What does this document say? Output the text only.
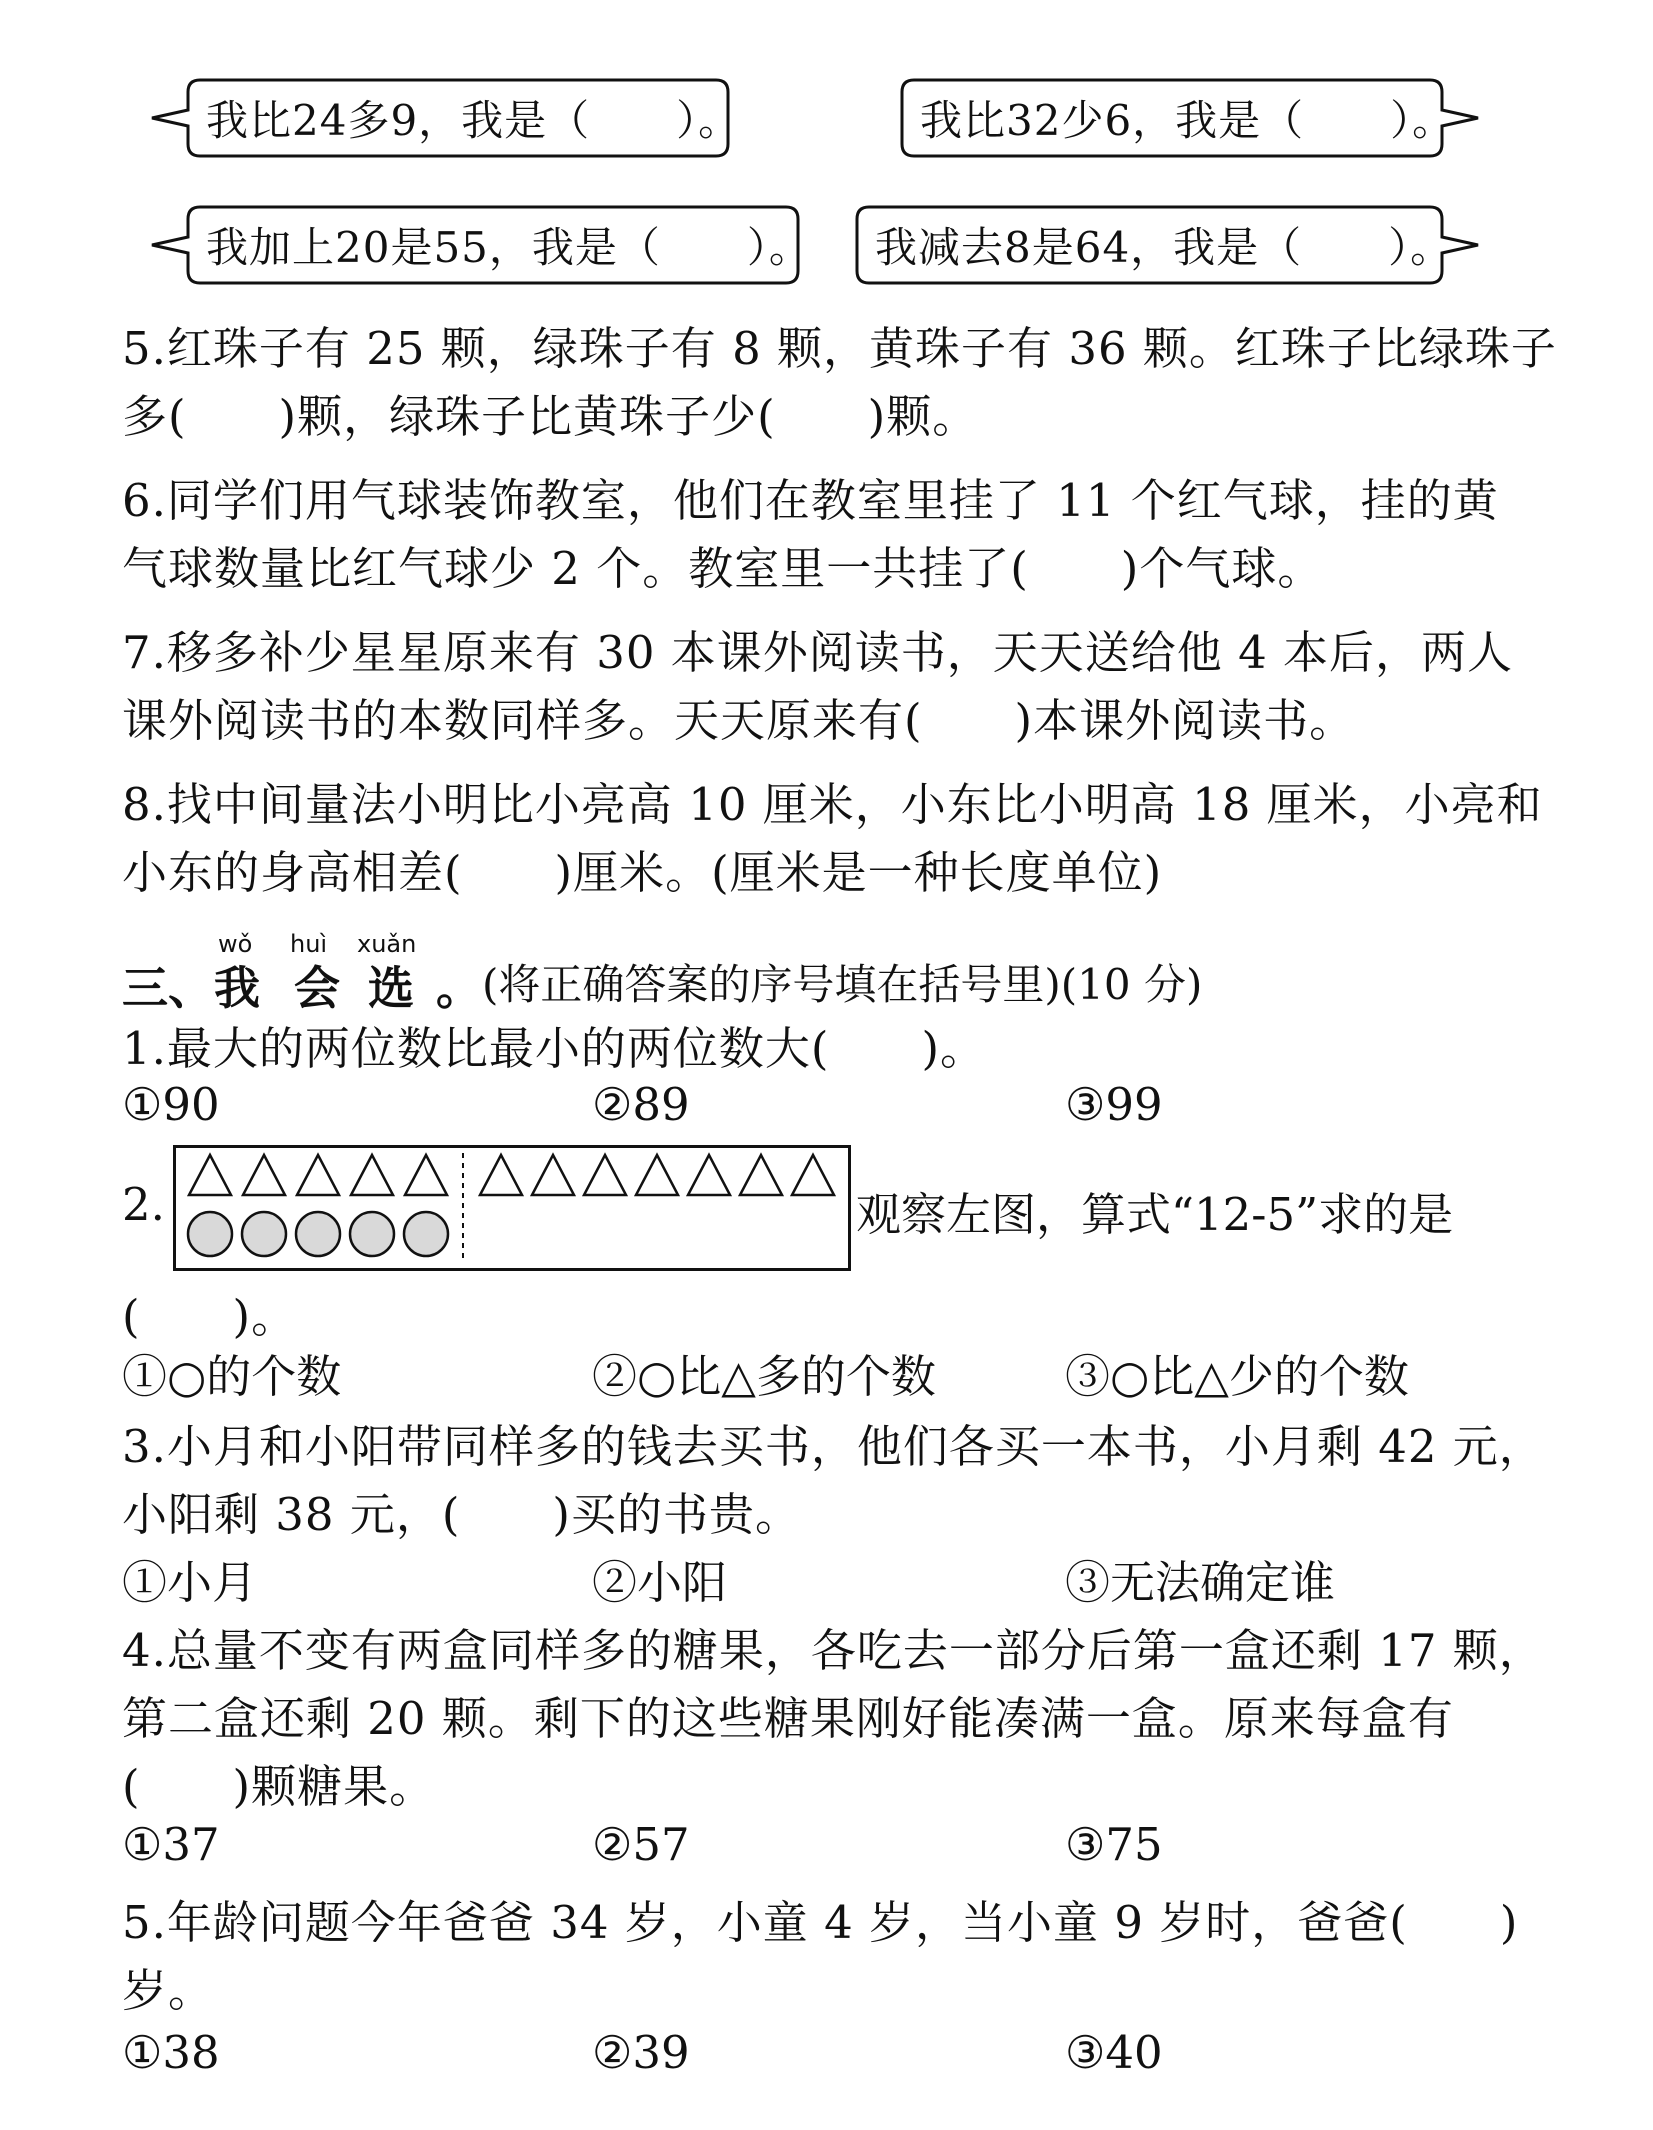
我比24多9，我是（　　）。	我比32少6，我是（　　）。
我加上20是55，我是（　　）。 我减去8是64，我是（　　）。
5.红珠子有 25 颗，绿珠子有 8 颗，黄珠子有 36 颗。红珠子比绿珠子
多(　　)颗，绿珠子比黄珠子少(　　)颗。
6.同学们用气球装饰教室，他们在教室里挂了 11 个红气球，挂的黄
气球数量比红气球少 2 个。教室里一共挂了(　　)个气球。
7.移多补少星星原来有 30 本课外阅读书，天天送给他 4 本后，两人
课外阅读书的本数同样多。天天原来有(　　)本课外阅读书。
8.找中间量法小明比小亮高 10 厘米，小东比小明高 18 厘米，小亮和
小东的身高相差(　　)厘米。(厘米是一种长度单位)
三、
wǒ
我
huì
会
xuǎn
选 。 (将正确答案的序号填在括号里)(10 分)
1.最大的两位数比最小的两位数大(　　)。
①90	②89	③99
2.	观察左图，算式“12-5”求的是
(　　)。
①○的个数	②○比△多的个数	③○比△少的个数
3.小月和小阳带同样多的钱去买书，他们各买一本书，小月剩 42 元，
小阳剩 38 元，(　　)买的书贵。
①小月	②小阳	③无法确定谁
4.总量不变有两盒同样多的糖果，各吃去一部分后第一盒还剩 17 颗，
第二盒还剩 20 颗。剩下的这些糖果刚好能凑满一盒。原来每盒有
(　　)颗糖果。
①37	②57	③75
5.年龄问题今年爸爸 34 岁，小童 4 岁，当小童 9 岁时，爸爸(　　)
岁。
①38	②39	③40
